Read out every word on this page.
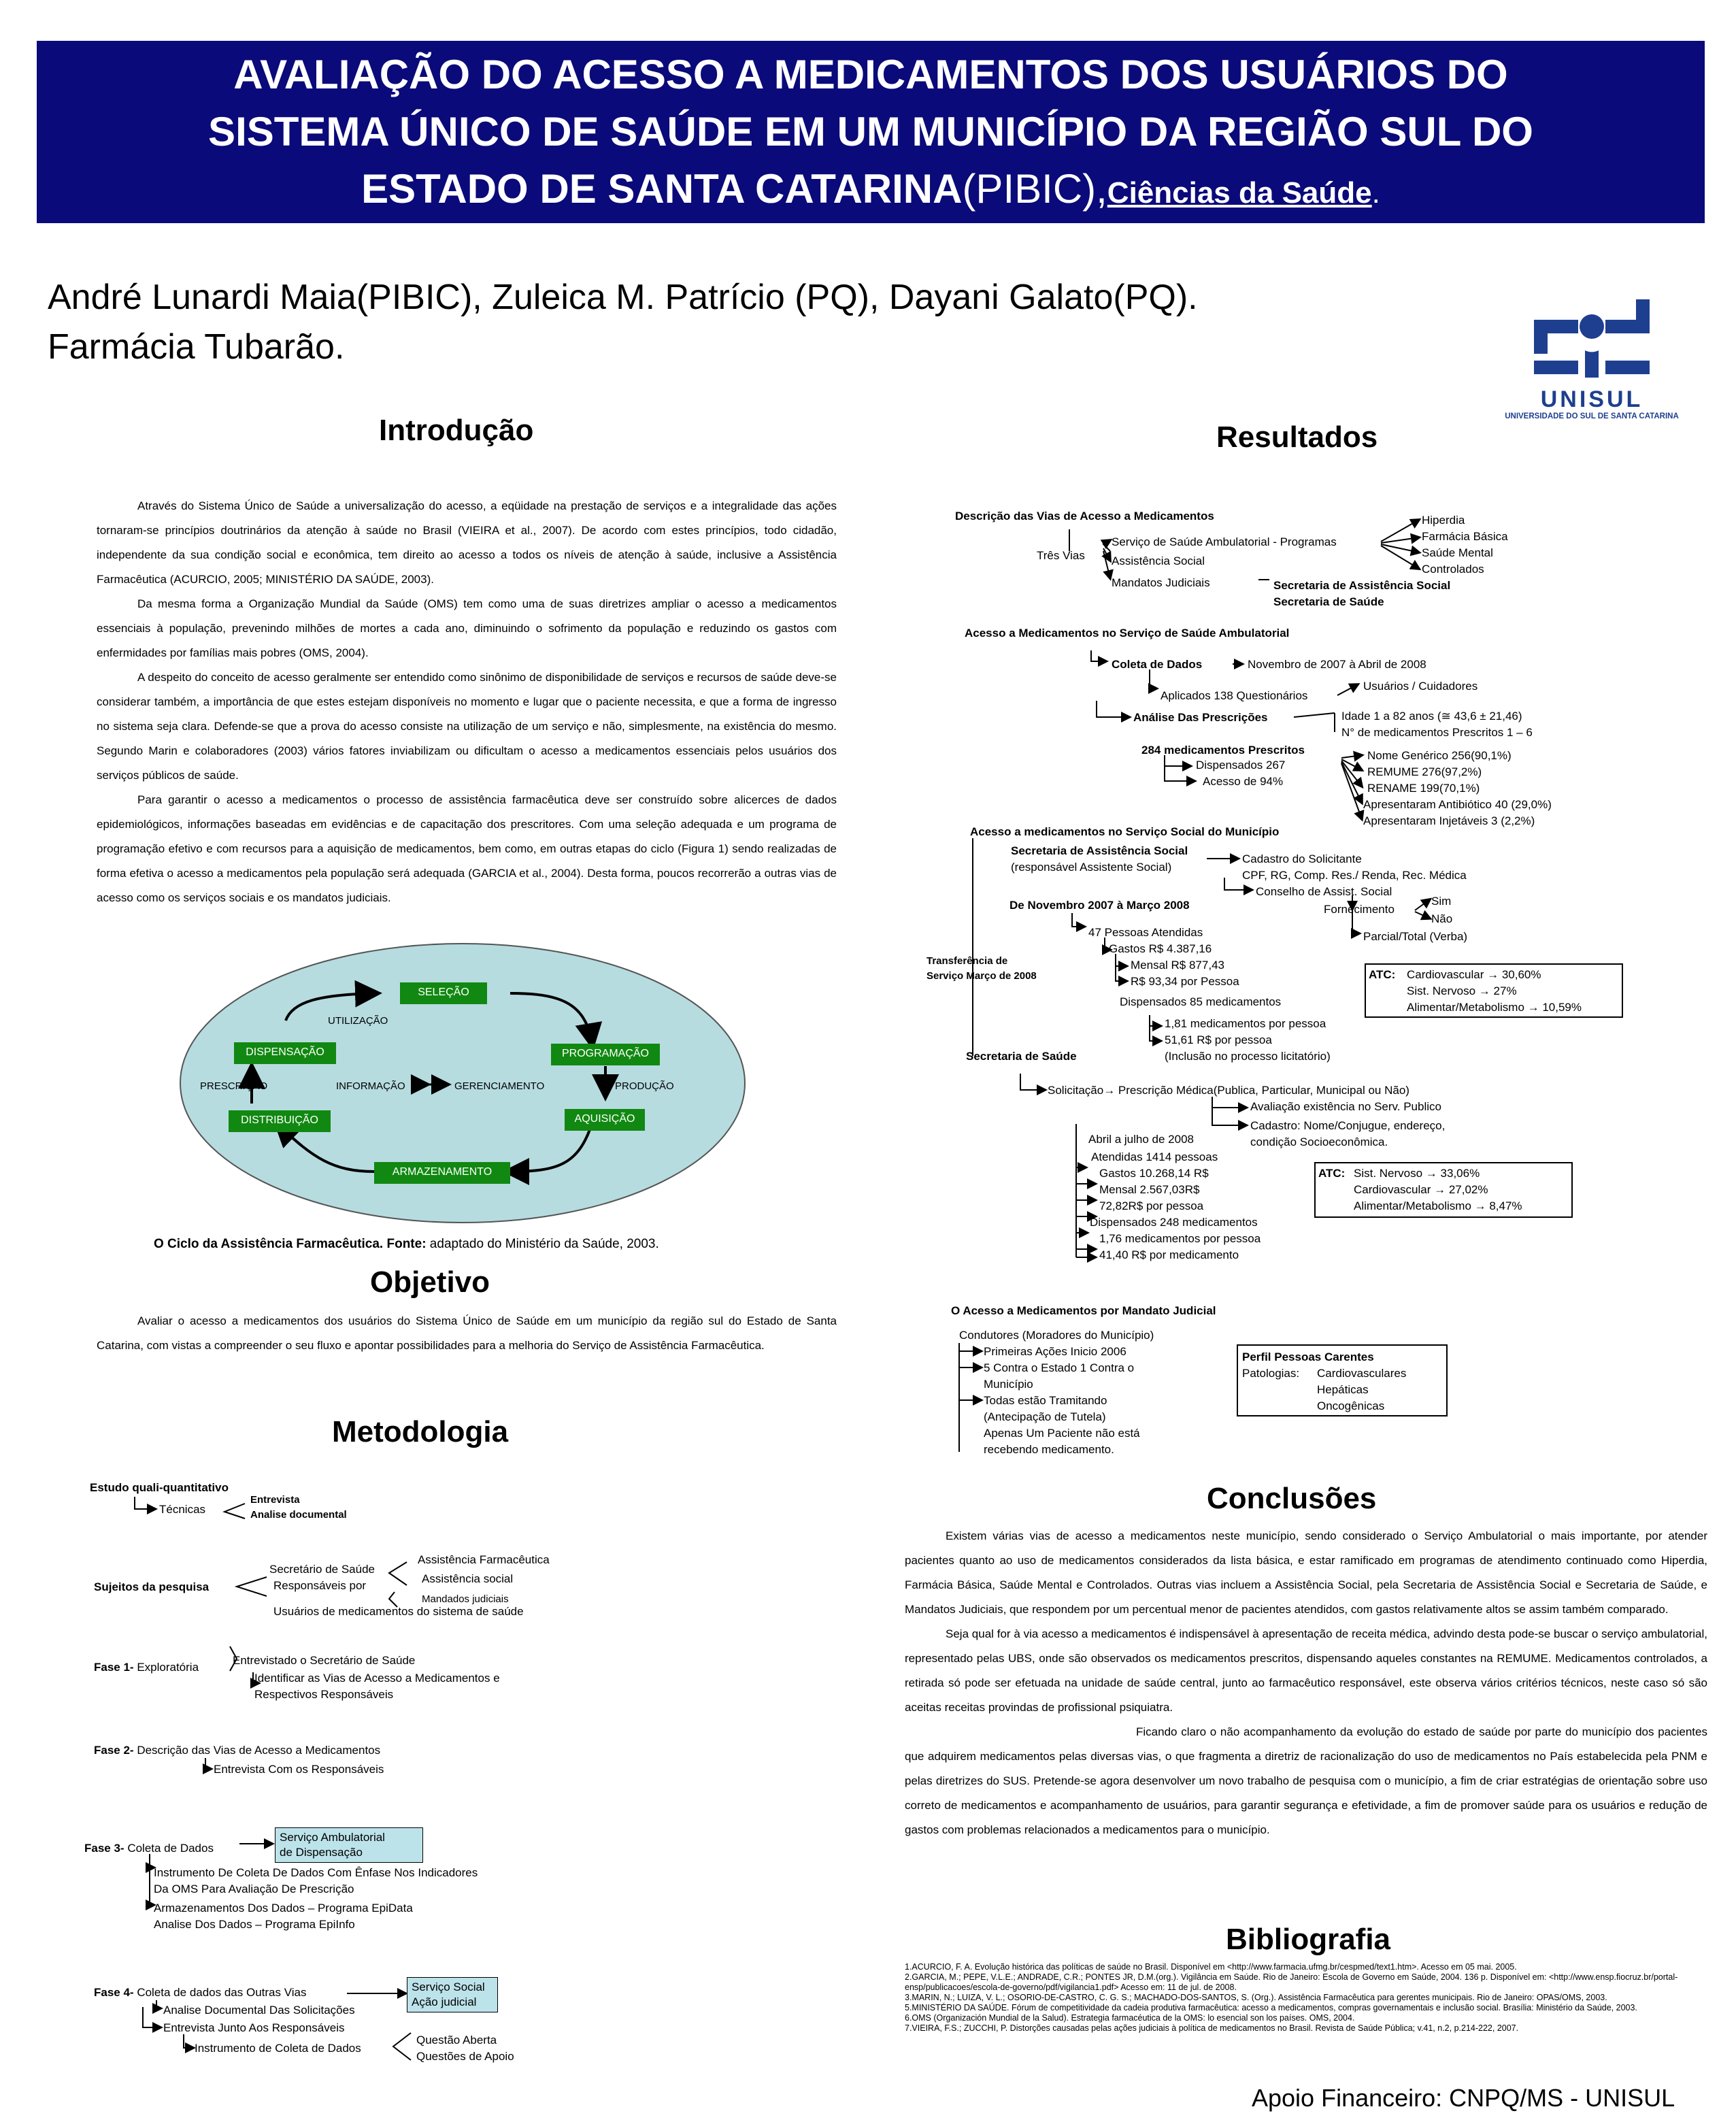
AVALIAÇÃO DO ACESSO A MEDICAMENTOS DOS USUÁRIOS DO
SISTEMA ÚNICO DE SAÚDE EM UM MUNICÍPIO DA REGIÃO SUL DO
ESTADO DE SANTA CATARINA(PIBIC),Ciências da Saúde.
André Lunardi Maia(PIBIC), Zuleica M. Patrício (PQ), Dayani Galato(PQ).
Farmácia Tubarão.
UNISUL
UNIVERSIDADE DO SUL DE SANTA CATARINA
Introdução

Através do Sistema Único de Saúde a universalização do acesso, a eqüidade na prestação de serviços e a integralidade das ações tornaram-se princípios doutrinários da atenção à saúde no Brasil (VIEIRA et al., 2007). De acordo com estes princípios, todo cidadão, independente da sua condição social e econômica, tem direito ao acesso a todos os níveis de atenção à saúde, inclusive a Assistência Farmacêutica (ACURCIO, 2005; MINISTÉRIO DA SAÚDE, 2003).

Da mesma forma a Organização Mundial da Saúde (OMS) tem como uma de suas diretrizes ampliar o acesso a medicamentos essenciais à população, prevenindo milhões de mortes a cada ano, diminuindo o sofrimento da população e reduzindo os gastos com enfermidades por famílias mais pobres (OMS, 2004).

A despeito do conceito de acesso geralmente ser entendido como sinônimo de disponibilidade de serviços e recursos de saúde deve-se considerar também, a importância de que estes estejam disponíveis no momento e lugar que o paciente necessita, e que a forma de ingresso no sistema seja clara. Defende-se que a prova do acesso consiste na utilização de um serviço e não, simplesmente, na existência do mesmo. Segundo Marin e colaboradores (2003) vários fatores inviabilizam ou dificultam o acesso a medicamentos essenciais pelos usuários dos serviços públicos de saúde.

Para garantir o acesso a medicamentos o processo de assistência farmacêutica deve ser construído sobre alicerces de dados epidemiológicos, informações baseadas em evidências e de capacitação dos prescritores. Com uma seleção adequada e um programa de programação efetivo e com recursos para a aquisição de medicamentos, bem como, em outras etapas do ciclo (Figura 1) sendo realizadas de forma efetiva o acesso a medicamentos pela população será adequada (GARCIA et al., 2004). Desta forma, poucos recorrerão a outras vias de acesso como os serviços sociais e os mandatos judiciais.

SELEÇÃO
UTILIZAÇÃO
DISPENSAÇÃO	PROGRAMAÇÃO
PRESCRIÇÃO	INFORMAÇÃO	GERENCIAMENTO	PRODUÇÃO
DISTRIBUIÇÃO	AQUISIÇÃO
ARMAZENAMENTO
O Ciclo da Assistência Farmacêutica. Fonte: adaptado do Ministério da Saúde, 2003.
Objetivo

Avaliar o acesso a medicamentos dos usuários do Sistema Único de Saúde em um município da região sul do Estado de Santa Catarina, com vistas a compreender o seu fluxo e apontar possibilidades para a melhoria do Serviço de Assistência Farmacêutica.

Metodologia
Estudo quali-quantitativo
Técnicas
Entrevista
Analise documental
Sujeitos da pesquisa
Secretário de Saúde
Responsáveis por
Assistência Farmacêutica
Assistência social
Mandados judiciais
Usuários de medicamentos do sistema de saúde
Fase 1- Exploratória
Entrevistado o Secretário de Saúde
Identificar as Vias de Acesso a Medicamentos e
Respectivos Responsáveis
Fase 2- Descrição das Vias de Acesso a Medicamentos
Entrevista Com os Responsáveis
Fase 3- Coleta de Dados
Serviço Ambulatorial
de Dispensação
Instrumento De Coleta De Dados Com Ênfase Nos Indicadores
Da OMS Para Avaliação De Prescrição
Armazenamentos Dos Dados – Programa EpiData
Analise Dos Dados – Programa EpiInfo
Fase 4- Coleta de dados das Outras Vias	Serviço Social
Ação judicial
Analise Documental Das Solicitações
Entrevista Junto Aos Responsáveis
Instrumento de Coleta de Dados
Questão Aberta
Questões de Apoio
Resultados
Descrição das Vias de Acesso a Medicamentos
Três Vias
Serviço de Saúde Ambulatorial - Programas
Assistência Social
Mandatos Judiciais
Hiperdia
Farmácia Básica
Saúde Mental
Controlados
Secretaria de Assistência Social
Secretaria de Saúde
Acesso a Medicamentos no Serviço de Saúde Ambulatorial
Coleta de Dados	Novembro de 2007 à Abril de 2008
Usuários / Cuidadores
Aplicados 138 Questionários
Análise Das Prescrições	Idade 1 a 82 anos (≅ 43,6 ± 21,46)
N° de medicamentos Prescritos 1 – 6
284 medicamentos Prescritos
Dispensados 267
Acesso de 94%
Nome Genérico 256(90,1%)
REMUME 276(97,2%)
RENAME 199(70,1%)
Apresentaram Antibiótico 40 (29,0%)
Apresentaram Injetáveis 3 (2,2%)
Acesso a medicamentos no Serviço Social do Município
Secretaria de Assistência Social
(responsável Assistente Social)
Cadastro do Solicitante
CPF, RG, Comp. Res./ Renda, Rec. Médica
Conselho de Assist. Social
Fornecimento
Sim
Não
Parcial/Total (Verba)
De Novembro 2007 à Março 2008
47 Pessoas Atendidas
Gastos R$ 4.387,16
Mensal R$ 877,43
R$ 93,34 por Pessoa
Transferência de
Serviço Março de 2008	ATC: Cardiovascular → 30,60%
Sist. Nervoso → 27%
Alimentar/Metabolismo → 10,59%
Dispensados 85 medicamentos
1,81 medicamentos por pessoa
51,61 R$ por pessoa
(Inclusão no processo licitatório)
Secretaria de Saúde
Solicitação→ Prescrição Médica(Publica, Particular, Municipal ou Não)
Avaliação existência no Serv. Publico
Cadastro: Nome/Conjugue, endereço,
condição Socioeconômica.
Abril a julho de 2008
Atendidas 1414 pessoas
Gastos 10.268,14 R$
Mensal 2.567,03R$
72,82R$ por pessoa
Dispensados 248 medicamentos
1,76 medicamentos por pessoa
41,40 R$ por medicamento
ATC: Sist. Nervoso → 33,06%
Cardiovascular → 27,02%
Alimentar/Metabolismo → 8,47%
O Acesso a Medicamentos por Mandato Judicial
Condutores (Moradores do Município)
Primeiras Ações Inicio 2006
5 Contra o Estado 1 Contra o
Município
Todas estão Tramitando
(Antecipação de Tutela)
Apenas Um Paciente não está
recebendo medicamento.
Perfil Pessoas Carentes
Patologias: Cardiovasculares
Hepáticas
Oncogênicas
Conclusões

Existem várias vias de acesso a medicamentos neste município, sendo considerado o Serviço Ambulatorial o mais importante, por atender pacientes quanto ao uso de medicamentos considerados da lista básica, e estar ramificado em programas de atendimento continuado como Hiperdia, Farmácia Básica, Saúde Mental e Controlados. Outras vias incluem a Assistência Social, pela Secretaria de Assistência Social e Secretaria de Saúde, e Mandatos Judiciais, que respondem por um percentual menor de pacientes atendidos, com gastos relativamente altos se assim também comparado.

Seja qual for à via acesso a medicamentos é indispensável à apresentação de receita médica, advindo desta pode-se buscar o serviço ambulatorial, representado pelas UBS, onde são observados os medicamentos prescritos, dispensando aqueles constantes na REMUME. Medicamentos controlados, a retirada só pode ser efetuada na unidade de saúde central, junto ao farmacêutico responsável, este observa vários critérios técnicos, neste caso só são aceitas receitas provindas de profissional psiquiatra.

Ficando claro o não acompanhamento da evolução do estado de saúde por parte do município dos pacientes que adquirem medicamentos pelas diversas vias, o que fragmenta a diretriz de racionalização do uso de medicamentos no País estabelecida pela PNM e pelas diretrizes do SUS. Pretende-se agora desenvolver um novo trabalho de pesquisa com o município, a fim de criar estratégias de orientação sobre uso correto de medicamentos e acompanhamento de usuários, para garantir segurança e efetividade, a fim de promover saúde para os usuários e redução de gastos com problemas relacionados a medicamentos para o município.

Bibliografia
1.ACURCIO, F. A. Evolução histórica das políticas de saúde no Brasil. Disponível em <http://www.farmacia.ufmg.br/cespmed/text1.htm>. Acesso em 05 mai. 2005.
2.GARCIA, M.; PEPE, V.L.E.; ANDRADE, C.R.; PONTES JR, D.M.(org.). Vigilância em Saúde. Rio de Janeiro: Escola de Governo em Saúde, 2004. 136 p. Disponível em: <http://www.ensp.fiocruz.br/portal-ensp/publicacoes/escola-de-governo/pdf/vigilancia1.pdf> Acesso em: 11 de jul. de 2008.
3.MARIN, N.; LUIZA, V. L.; OSORIO-DE-CASTRO, C. G. S.; MACHADO-DOS-SANTOS, S. (Org.). Assistência Farmacêutica para gerentes municipais. Rio de Janeiro: OPAS/OMS, 2003.
5.MINISTÉRIO DA SAÚDE. Fórum de competitividade da cadeia produtiva farmacêutica: acesso a medicamentos, compras governamentais e inclusão social. Brasília: Ministério da Saúde, 2003.
6.OMS (Organización Mundial de la Salud). Estrategia farmacéutica de la OMS: lo esencial son los países. OMS, 2004.
7.VIEIRA, F.S.; ZUCCHI, P. Distorções causadas pelas ações judiciais à política de medicamentos no Brasil. Revista de Saúde Pública; v.41, n.2, p.214-222, 2007.
Apoio Financeiro: CNPQ/MS - UNISUL
